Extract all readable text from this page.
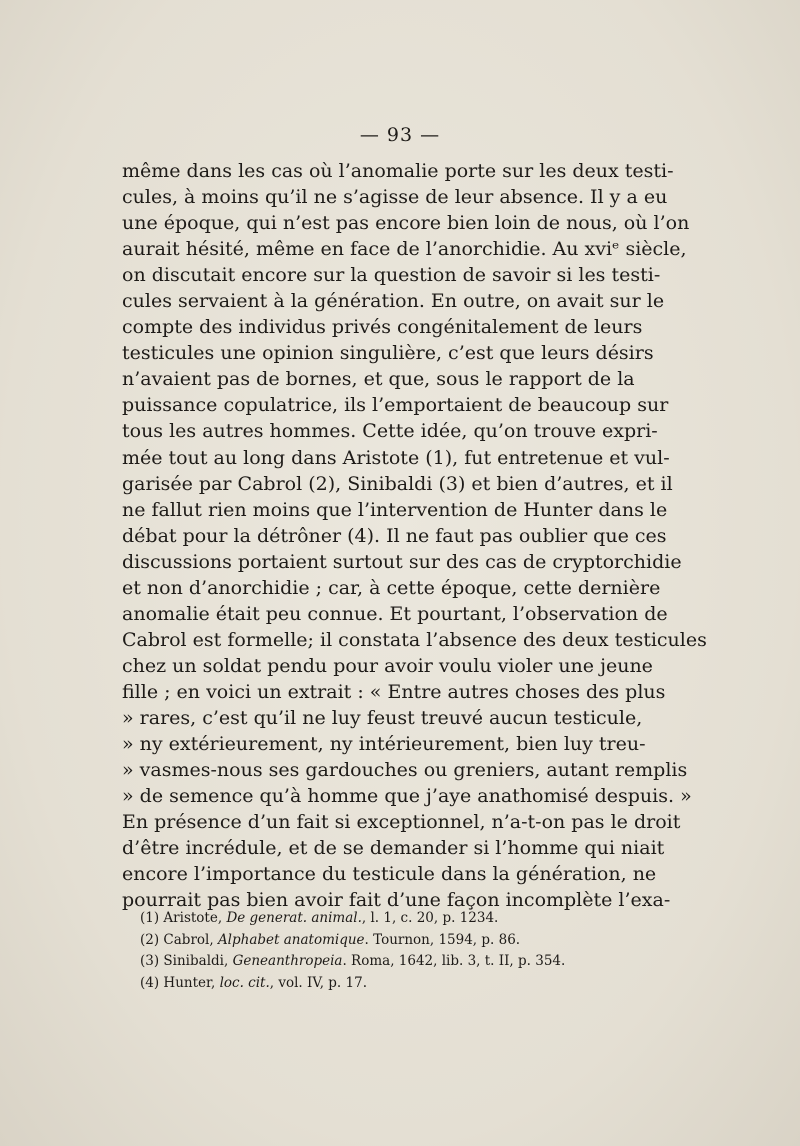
— 93 —

même dans les cas où l’anomalie porte sur les deux testi-
cules, à moins qu’il ne s’agisse de leur absence. Il y a eu
une époque, qui n’est pas encore bien loin de nous, où l’on
aurait hésité, même en face de l’anorchidie. Au xviᵉ siècle,
on discutait encore sur la question de savoir si les testi-
cules servaient à la génération. En outre, on avait sur le
compte des individus privés congénitalement de leurs
testicules une opinion singulière, c’est que leurs désirs
n’avaient pas de bornes, et que, sous le rapport de la
puissance copulatrice, ils l’emportaient de beaucoup sur
tous les autres hommes. Cette idée, qu’on trouve expri-
mée tout au long dans Aristote (1), fut entretenue et vul-
garisée par Cabrol (2), Sinibaldi (3) et bien d’autres, et il
ne fallut rien moins que l’intervention de Hunter dans le
débat pour la détrôner (4). Il ne faut pas oublier que ces
discussions portaient surtout sur des cas de cryptorchidie
et non d’anorchidie ; car, à cette époque, cette dernière
anomalie était peu connue. Et pourtant, l’observation de
Cabrol est formelle; il constata l’absence des deux testicules
chez un soldat pendu pour avoir voulu violer une jeune
fille ; en voici un extrait : « Entre autres choses des plus
» rares, c’est qu’il ne luy feust treuvé aucun testicule,
» ny extérieurement, ny intérieurement, bien luy treu-
» vasmes-nous ses gardouches ou greniers, autant remplis
» de semence qu’à homme que j’aye anathomisé despuis. »
En présence d’un fait si exceptionnel, n’a-t-on pas le droit
d’être incrédule, et de se demander si l’homme qui niait
encore l’importance du testicule dans la génération, ne
pourrait pas bien avoir fait d’une façon incomplète l’exa-
(1) Aristote, De generat. animal., l. 1, c. 20, p. 1234.
(2) Cabrol, Alphabet anatomique. Tournon, 1594, p. 86.
(3) Sinibaldi, Geneanthropeia. Roma, 1642, lib. 3, t. II, p. 354.
(4) Hunter, loc. cit., vol. IV, p. 17.
